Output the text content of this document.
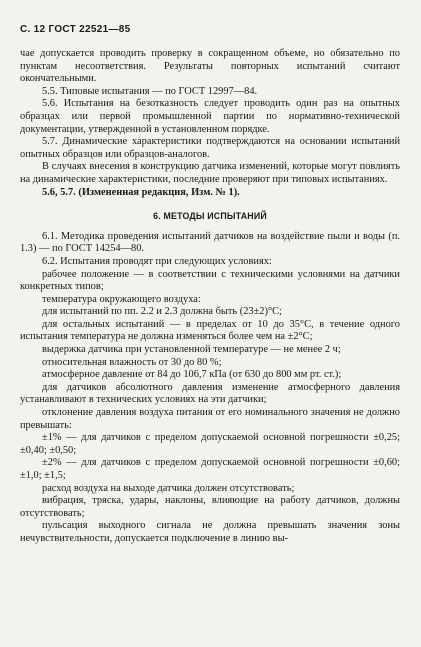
С. 12 ГОСТ 22521—85

чае допускается проводить проверку в сокращенном объеме, но обязательно по пунктам несоответствия. Результаты повторных испытаний считают окончательными.

5.5. Типовые испытания — по ГОСТ 12997—84.

5.6. Испытания на безотказность следует проводить один раз на опытных образцах или первой промышленной партии по нормативно-технической документации, утвержденной в установленном порядке.

5.7. Динамические характеристики подтверждаются на основании испытаний опытных образцов или образцов-аналогов.

В случаях внесения в конструкцию датчика изменений, которые могут повлиять на динамические характеристики, последние проверяют при типовых испытаниях.

5.6, 5.7. (Измененная редакция, Изм. № 1).

6. МЕТОДЫ ИСПЫТАНИЙ

6.1. Методика проведения испытаний датчиков на воздействие пыли и воды (п. 1.3) — по ГОСТ 14254—80.

6.2. Испытания проводят при следующих условиях:

рабочее положение — в соответствии с техническими условиями на датчики конкретных типов;

температура окружающего воздуха:

для испытаний по пп. 2.2 и 2.3 должна быть (23±2)°С;

для остальных испытаний — в пределах от 10 до 35°С, в течение одного испытания температура не должна изменяться более чем на ±2°С;

выдержка датчика при установленной температуре — не менее 2 ч;

относительная влажность от 30 до 80 %;

атмосферное давление от 84 до 106,7 кПа (от 630 до 800 мм рт. ст.);

для датчиков абсолютного давления изменение атмосферного давления устанавливают в технических условиях на эти датчики;

отклонение давления воздуха питания от его номинального значения не должно превышать:

±1% — для датчиков с пределом допускаемой основной погрешности ±0,25; ±0,40; ±0,50;

±2% — для датчиков с пределом допускаемой основной погрешности ±0,60; ±1,0; ±1,5;

расход воздуха на выходе датчика должен отсутствовать;

вибрация, тряска, удары, наклоны, влияющие на работу датчиков, должны отсутствовать;

пульсация выходного сигнала не должна превышать значения зоны нечувствительности, допускается подключение в линию вы-
